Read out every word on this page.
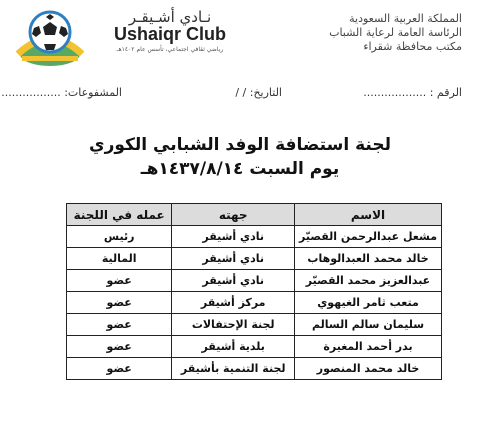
المملكة العربية السعودية
الرئاسة العامة لرعاية الشباب
مكتب محافظة شقراء
نـادي أشـيقـر
Ushaiqr Club
رياضي ثقافي اجتماعي، تأسس عام ١٤٠٢هـ
الرقم : ..................
التاريخ: / /
المشفوعات: .................
لجنة استضافة الوفد الشبابي الكوري
يوم السبت ١٤٣٧/٨/١٤هـ
الاسم	جهته	عمله في اللجنة
مشعل عبدالرحمن القصيّر	نادي أشيقر	رئيس
خالد محمد العبدالوهاب	نادي أشيقر	المالية
عبدالعزيز محمد القصيّر	نادي أشيقر	عضو
متعب ثامر الغيهوي	مركز أشيقر	عضو
سليمان سالم السالم	لجنة الإحتفالات	عضو
بدر أحمد المغيرة	بلدية أشيقر	عضو
خالد محمد المنصور	لجنة التنمية بأشيقر	عضو
